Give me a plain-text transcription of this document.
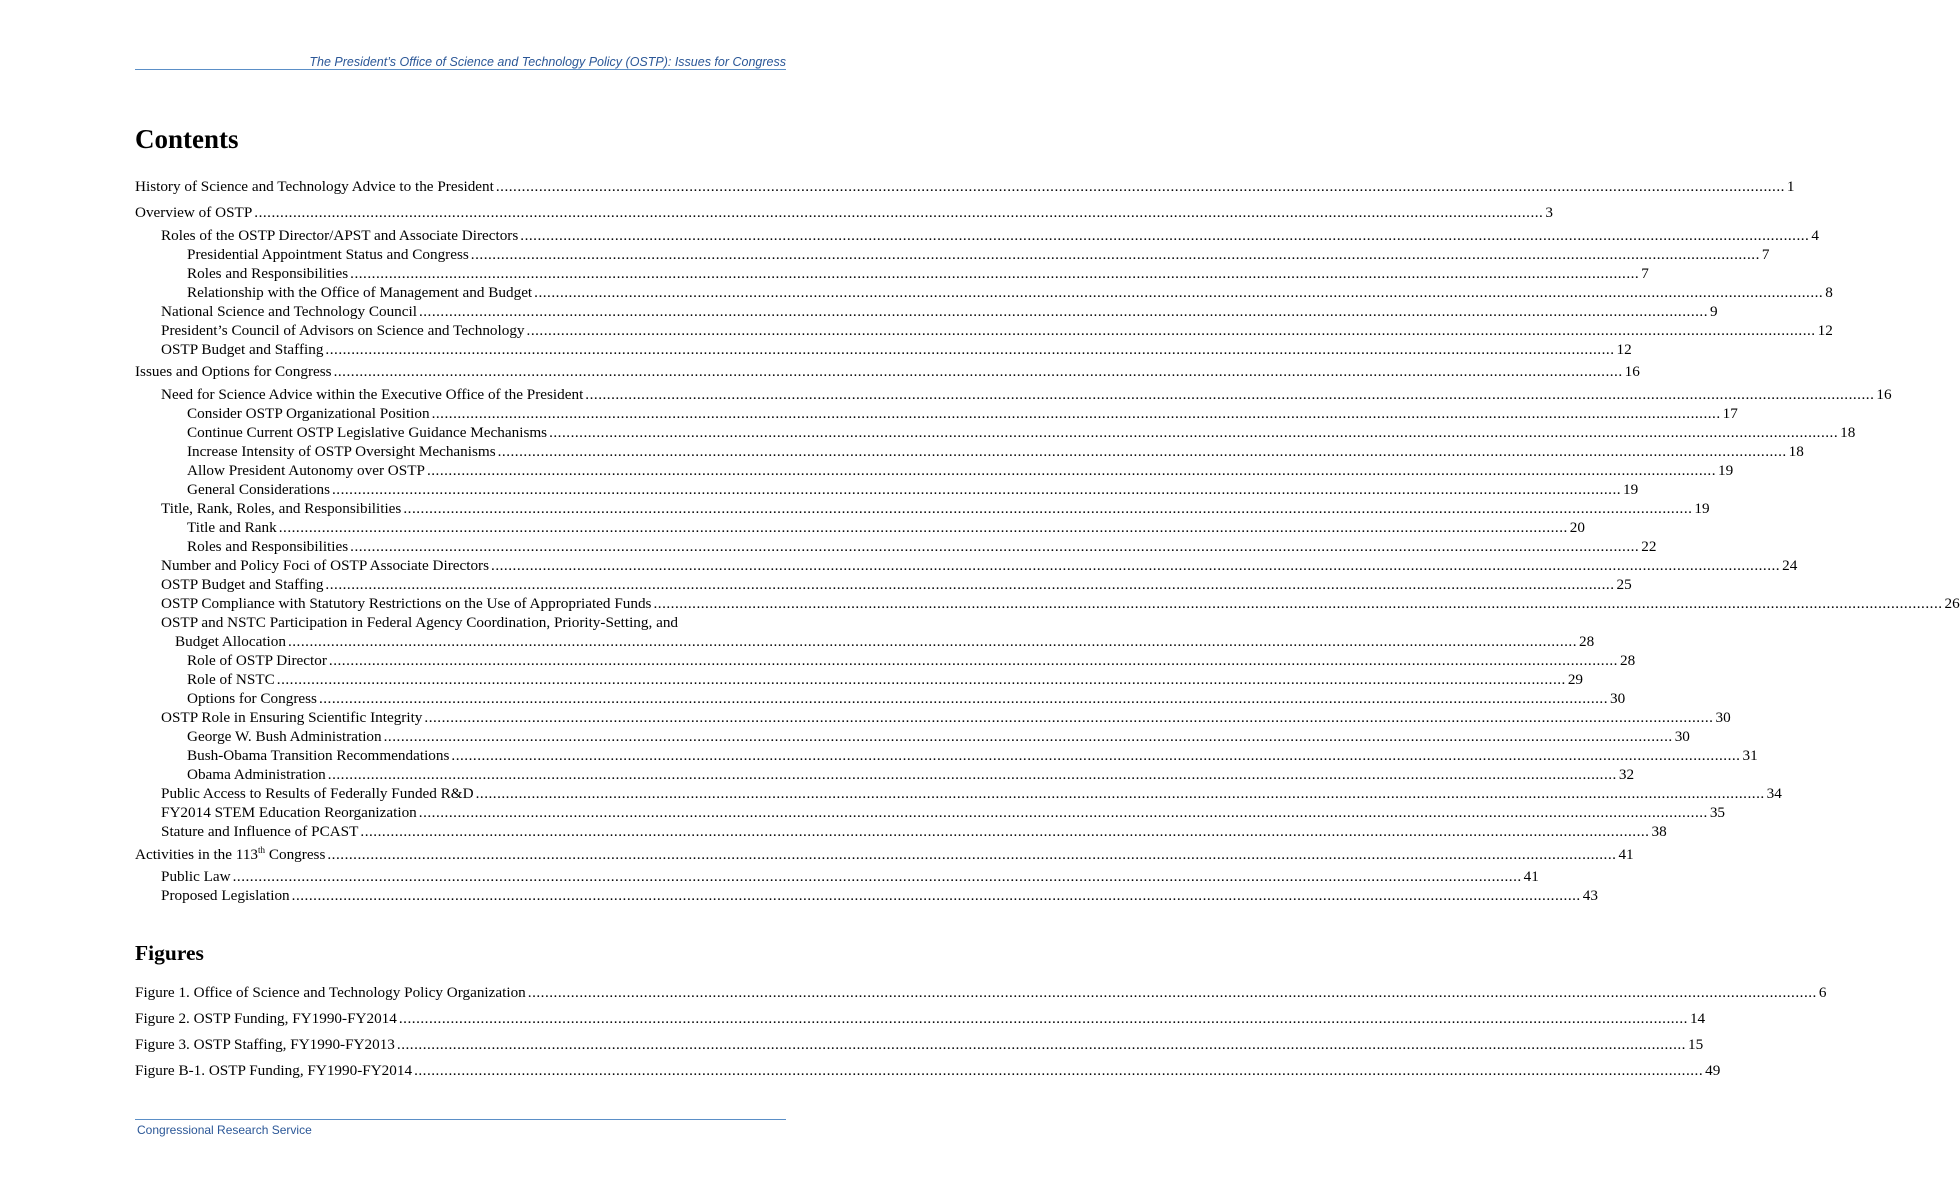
The President’s Office of Science and Technology Policy (OSTP): Issues for Congress
Contents
History of Science and Technology Advice to the President ............................................................................................................................................................................................................................................................................................................ 1
Overview of OSTP ............................................................................................................................................................................................................................................................................................................ 3
Roles of the OSTP Director/APST and Associate Directors ............................................................................................................................................................................................................................................................................................................ 4
Presidential Appointment Status and Congress ............................................................................................................................................................................................................................................................................................................ 7
Roles and Responsibilities ............................................................................................................................................................................................................................................................................................................ 7
Relationship with the Office of Management and Budget ............................................................................................................................................................................................................................................................................................................ 8
National Science and Technology Council ............................................................................................................................................................................................................................................................................................................ 9
President’s Council of Advisors on Science and Technology ............................................................................................................................................................................................................................................................................................................ 12
OSTP Budget and Staffing ............................................................................................................................................................................................................................................................................................................ 12
Issues and Options for Congress ............................................................................................................................................................................................................................................................................................................ 16
Need for Science Advice within the Executive Office of the President ............................................................................................................................................................................................................................................................................................................ 16
Consider OSTP Organizational Position ............................................................................................................................................................................................................................................................................................................ 17
Continue Current OSTP Legislative Guidance Mechanisms ............................................................................................................................................................................................................................................................................................................ 18
Increase Intensity of OSTP Oversight Mechanisms ............................................................................................................................................................................................................................................................................................................ 18
Allow President Autonomy over OSTP ............................................................................................................................................................................................................................................................................................................ 19
General Considerations ............................................................................................................................................................................................................................................................................................................ 19
Title, Rank, Roles, and Responsibilities ............................................................................................................................................................................................................................................................................................................ 19
Title and Rank ............................................................................................................................................................................................................................................................................................................ 20
Roles and Responsibilities ............................................................................................................................................................................................................................................................................................................ 22
Number and Policy Foci of OSTP Associate Directors ............................................................................................................................................................................................................................................................................................................ 24
OSTP Budget and Staffing ............................................................................................................................................................................................................................................................................................................ 25
OSTP Compliance with Statutory Restrictions on the Use of Appropriated Funds ............................................................................................................................................................................................................................................................................................................ 26
OSTP and NSTC Participation in Federal Agency Coordination, Priority-Setting, and
Budget Allocation ............................................................................................................................................................................................................................................................................................................ 28
Role of OSTP Director ............................................................................................................................................................................................................................................................................................................ 28
Role of NSTC ............................................................................................................................................................................................................................................................................................................ 29
Options for Congress ............................................................................................................................................................................................................................................................................................................ 30
OSTP Role in Ensuring Scientific Integrity ............................................................................................................................................................................................................................................................................................................ 30
George W. Bush Administration ............................................................................................................................................................................................................................................................................................................ 30
Bush-Obama Transition Recommendations ............................................................................................................................................................................................................................................................................................................ 31
Obama Administration ............................................................................................................................................................................................................................................................................................................ 32
Public Access to Results of Federally Funded R&D ............................................................................................................................................................................................................................................................................................................ 34
FY2014 STEM Education Reorganization ............................................................................................................................................................................................................................................................................................................ 35
Stature and Influence of PCAST ............................................................................................................................................................................................................................................................................................................ 38
Activities in the 113th Congress ............................................................................................................................................................................................................................................................................................................ 41
Public Law ............................................................................................................................................................................................................................................................................................................ 41
Proposed Legislation ............................................................................................................................................................................................................................................................................................................ 43
Figures
Figure 1. Office of Science and Technology Policy Organization ............................................................................................................................................................................................................................................................................................................ 6
Figure 2. OSTP Funding, FY1990-FY2014 ............................................................................................................................................................................................................................................................................................................ 14
Figure 3. OSTP Staffing, FY1990-FY2013 ............................................................................................................................................................................................................................................................................................................ 15
Figure B-1. OSTP Funding, FY1990-FY2014 ............................................................................................................................................................................................................................................................................................................ 49
Congressional Research Service
